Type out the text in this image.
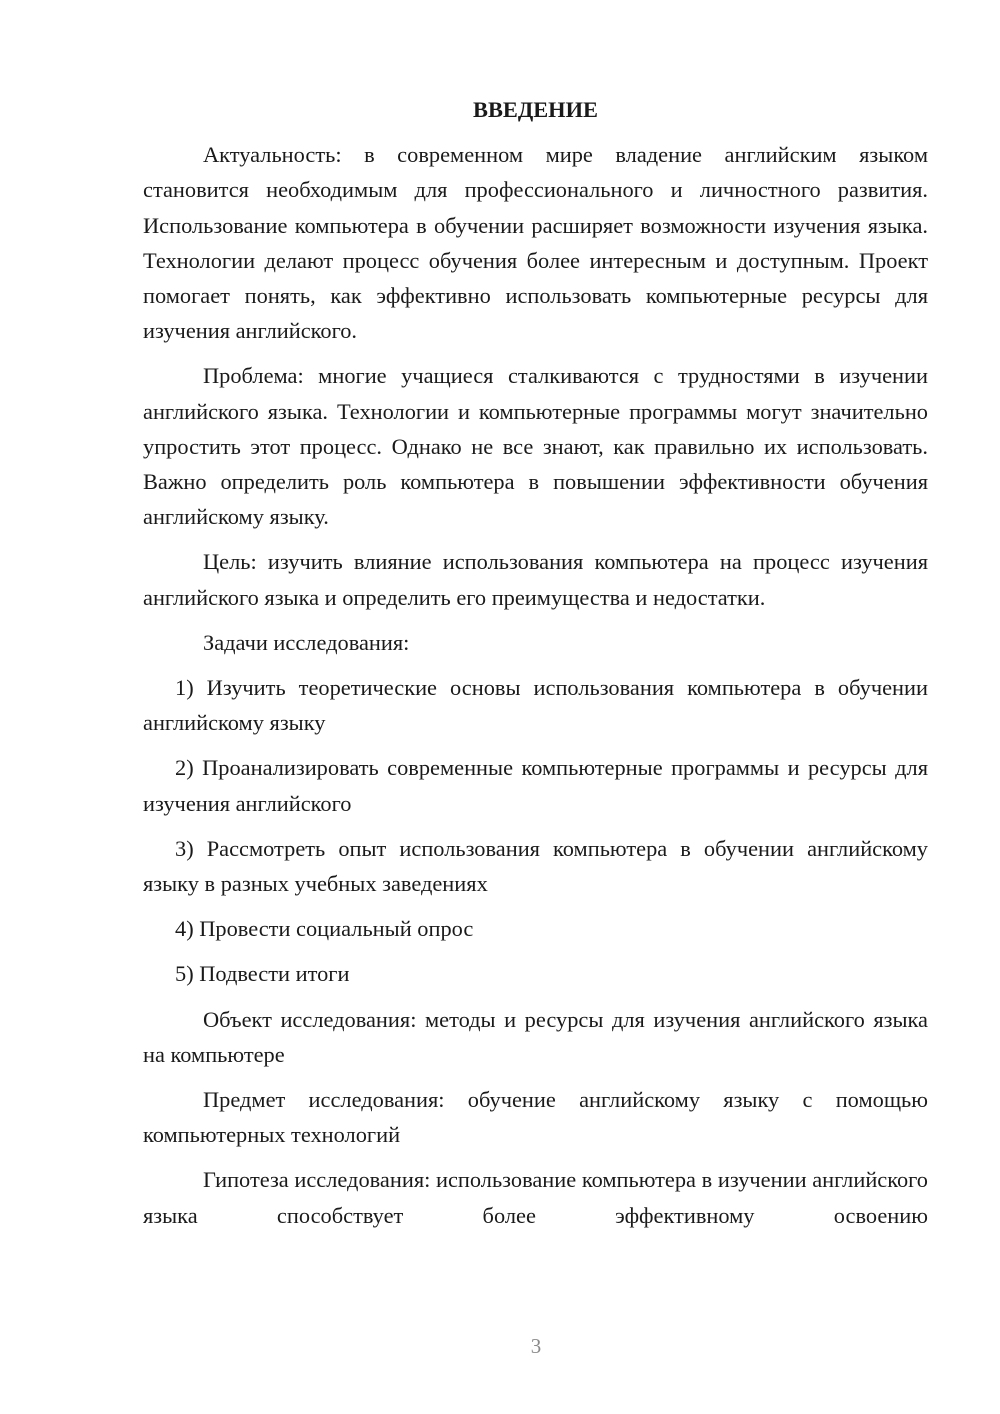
ВВЕДЕНИЕ

Актуальность: в современном мире владение английским языком становится необходимым для профессионального и личностного развития. Использование компьютера в обучении расширяет возможности изучения языка. Технологии делают процесс обучения более интересным и доступным. Проект помогает понять, как эффективно использовать компьютерные ресурсы для изучения английского.

Проблема: многие учащиеся сталкиваются с трудностями в изучении английского языка. Технологии и компьютерные программы могут значительно упростить этот процесс. Однако не все знают, как правильно их использовать. Важно определить роль компьютера в повышении эффективности обучения английскому языку.

Цель: изучить влияние использования компьютера на процесс изучения английского языка и определить его преимущества и недостатки.

Задачи исследования:

1) Изучить теоретические основы использования компьютера в обучении английскому языку

2) Проанализировать современные компьютерные программы и ресурсы для изучения английского

3) Рассмотреть опыт использования компьютера в обучении английскому языку в разных учебных заведениях

4) Провести социальный опрос

5) Подвести итоги

Объект исследования: методы и ресурсы для изучения английского языка на компьютере

Предмет исследования: обучение английскому языку с помощью компьютерных технологий

Гипотеза исследования: использование компьютера в изучении английского языка способствует более эффективному освоению

3
